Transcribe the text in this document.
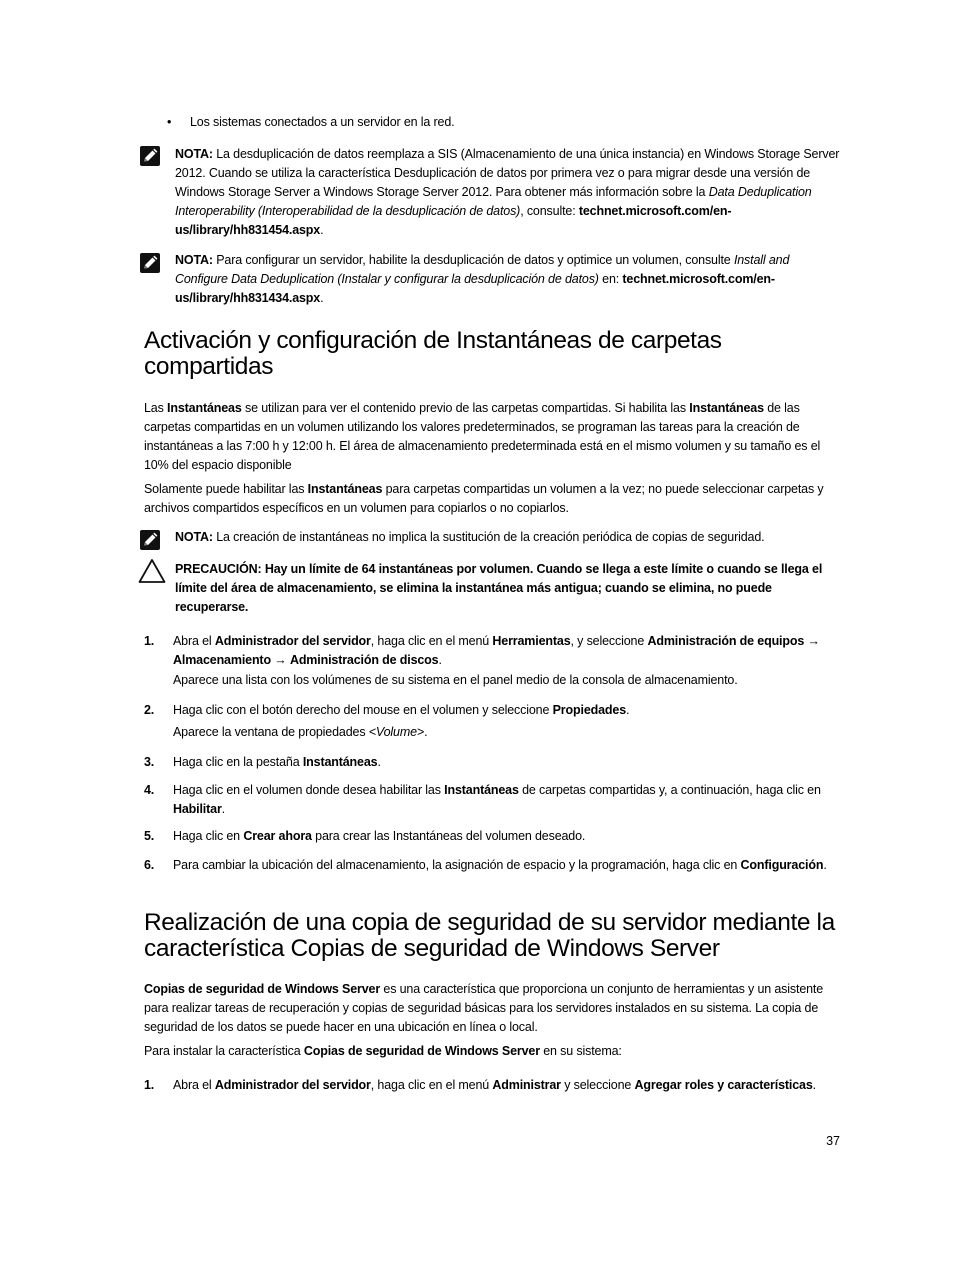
• Los sistemas conectados a un servidor en la red.
NOTA: La desduplicación de datos reemplaza a SIS (Almacenamiento de una única instancia) en Windows Storage Server 2012. Cuando se utiliza la característica Desduplicación de datos por primera vez o para migrar desde una versión de Windows Storage Server a Windows Storage Server 2012. Para obtener más información sobre la Data Deduplication Interoperability (Interoperabilidad de la desduplicación de datos), consulte: technet.microsoft.com/en-us/library/hh831454.aspx.
NOTA: Para configurar un servidor, habilite la desduplicación de datos y optimice un volumen, consulte Install and Configure Data Deduplication (Instalar y configurar la desduplicación de datos) en: technet.microsoft.com/en-us/library/hh831434.aspx.
Activación y configuración de Instantáneas de carpetas compartidas
Las Instantáneas se utilizan para ver el contenido previo de las carpetas compartidas. Si habilita las Instantáneas de las carpetas compartidas en un volumen utilizando los valores predeterminados, se programan las tareas para la creación de instantáneas a las 7:00 h y 12:00 h. El área de almacenamiento predeterminada está en el mismo volumen y su tamaño es el 10% del espacio disponible
Solamente puede habilitar las Instantáneas para carpetas compartidas un volumen a la vez; no puede seleccionar carpetas y archivos compartidos específicos en un volumen para copiarlos o no copiarlos.
NOTA: La creación de instantáneas no implica la sustitución de la creación periódica de copias de seguridad.
PRECAUCIÓN: Hay un límite de 64 instantáneas por volumen. Cuando se llega a este límite o cuando se llega el límite del área de almacenamiento, se elimina la instantánea más antigua; cuando se elimina, no puede recuperarse.
1. Abra el Administrador del servidor, haga clic en el menú Herramientas, y seleccione Administración de equipos → Almacenamiento → Administración de discos.
Aparece una lista con los volúmenes de su sistema en el panel medio de la consola de almacenamiento.
2. Haga clic con el botón derecho del mouse en el volumen y seleccione Propiedades.
Aparece la ventana de propiedades <Volume>.
3. Haga clic en la pestaña Instantáneas.
4. Haga clic en el volumen donde desea habilitar las Instantáneas de carpetas compartidas y, a continuación, haga clic en Habilitar.
5. Haga clic en Crear ahora para crear las Instantáneas del volumen deseado.
6. Para cambiar la ubicación del almacenamiento, la asignación de espacio y la programación, haga clic en Configuración.
Realización de una copia de seguridad de su servidor mediante la característica Copias de seguridad de Windows Server
Copias de seguridad de Windows Server es una característica que proporciona un conjunto de herramientas y un asistente para realizar tareas de recuperación y copias de seguridad básicas para los servidores instalados en su sistema. La copia de seguridad de los datos se puede hacer en una ubicación en línea o local.
Para instalar la característica Copias de seguridad de Windows Server en su sistema:
1. Abra el Administrador del servidor, haga clic en el menú Administrar y seleccione Agregar roles y características.
37
